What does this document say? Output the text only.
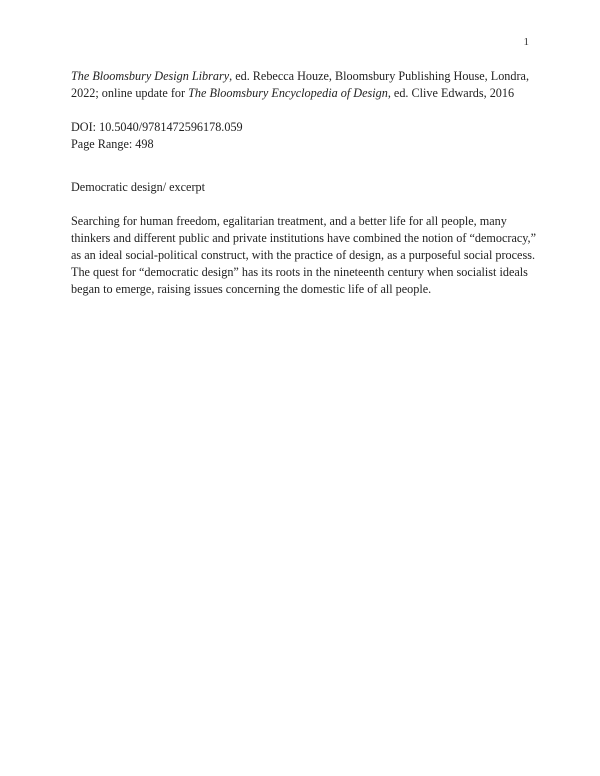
1

The Bloomsbury Design Library, ed. Rebecca Houze, Bloomsbury Publishing House, Londra, 2022; online update for The Bloomsbury Encyclopedia of Design, ed. Clive Edwards, 2016

DOI: 10.5040/9781472596178.059
Page Range: 498
Democratic design/ excerpt
Searching for human freedom, egalitarian treatment, and a better life for all people, many thinkers and different public and private institutions have combined the notion of “democracy,” as an ideal social-political construct, with the practice of design, as a purposeful social process. The quest for “democratic design” has its roots in the nineteenth century when socialist ideals began to emerge, raising issues concerning the domestic life of all people.
